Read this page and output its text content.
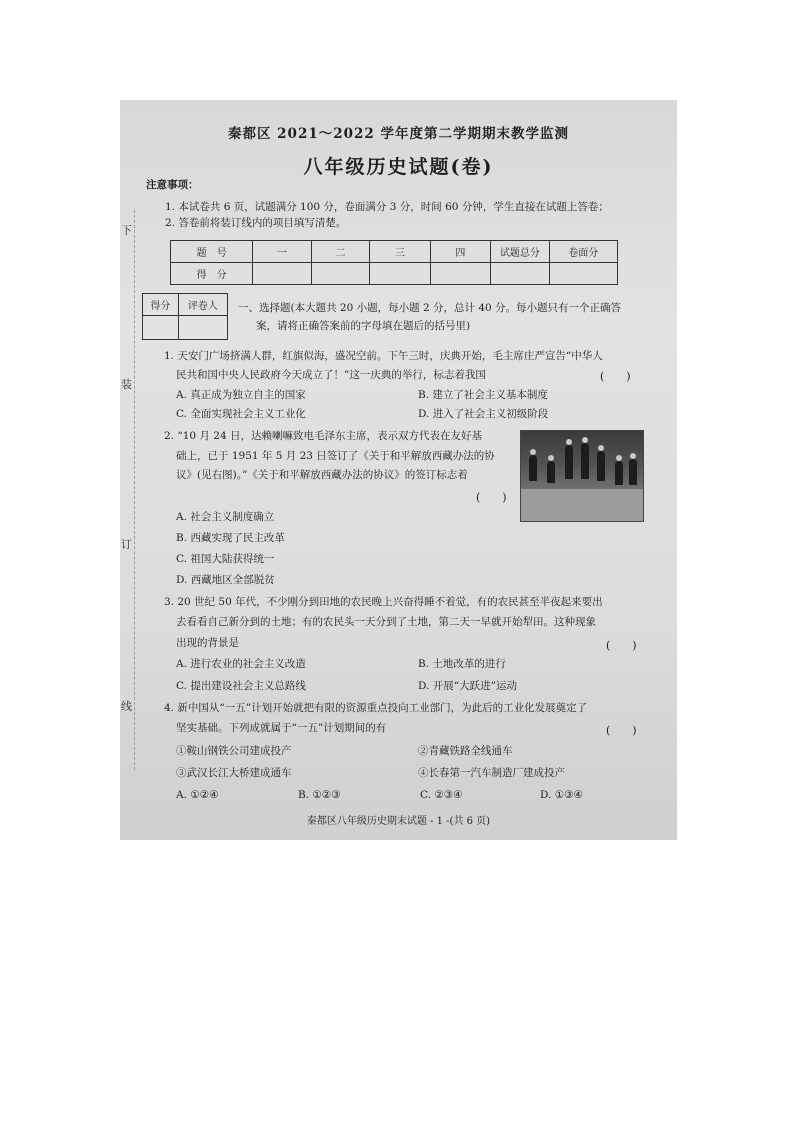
下
装
订
线
秦都区 2021～2022 学年度第二学期期末教学监测
八年级历史试题(卷)
注意事项：
1. 本试卷共 6 页，试题满分 100 分，卷面满分 3 分，时间 60 分钟，学生直接在试题上答卷；
2. 答卷前将装订线内的项目填写清楚。
题　号	一	二	三	四	试题总分	卷面分
得　分						
得分	评卷人
	一、选择题(本大题共 20 小题，每小题 2 分，总计 40 分。每小题只有一个正确答
案，请将正确答案前的字母填在题后的括号里)
1. 天安门广场挤满人群，红旗似海，盛况空前。下午三时，庆典开始，毛主席庄严宣告“中华人
民共和国中央人民政府今天成立了！”这一庆典的举行，标志着我国	(　　)
A. 真正成为独立自主的国家	B. 建立了社会主义基本制度
C. 全面实现社会主义工业化	D. 进入了社会主义初级阶段
2. “10 月 24 日，达赖喇嘛致电毛泽东主席，表示双方代表在友好基
础上，已于 1951 年 5 月 23 日签订了《关于和平解放西藏办法的协
议》(见右图)。”《关于和平解放西藏办法的协议》的签订标志着
(　　)
A. 社会主义制度确立
B. 西藏实现了民主改革
C. 祖国大陆获得统一
D. 西藏地区全部脱贫
3. 20 世纪 50 年代，不少刚分到田地的农民晚上兴奋得睡不着觉，有的农民甚至半夜起来要出
去看看自己新分到的土地；有的农民头一天分到了土地，第二天一早就开始犁田。这种现象
出现的背景是	(　　)
A. 进行农业的社会主义改造	B. 土地改革的进行
C. 提出建设社会主义总路线	D. 开展“大跃进”运动
4. 新中国从“一五”计划开始就把有限的资源重点投向工业部门，为此后的工业化发展奠定了
坚实基础。下列成就属于“一五”计划期间的有	(　　)
①鞍山钢铁公司建成投产	②青藏铁路全线通车
③武汉长江大桥建成通车	④长春第一汽车制造厂建成投产
A. ①②④	B. ①②③	C. ②③④	D. ①③④
秦都区八年级历史期末试题 - 1 -(共 6 页)
